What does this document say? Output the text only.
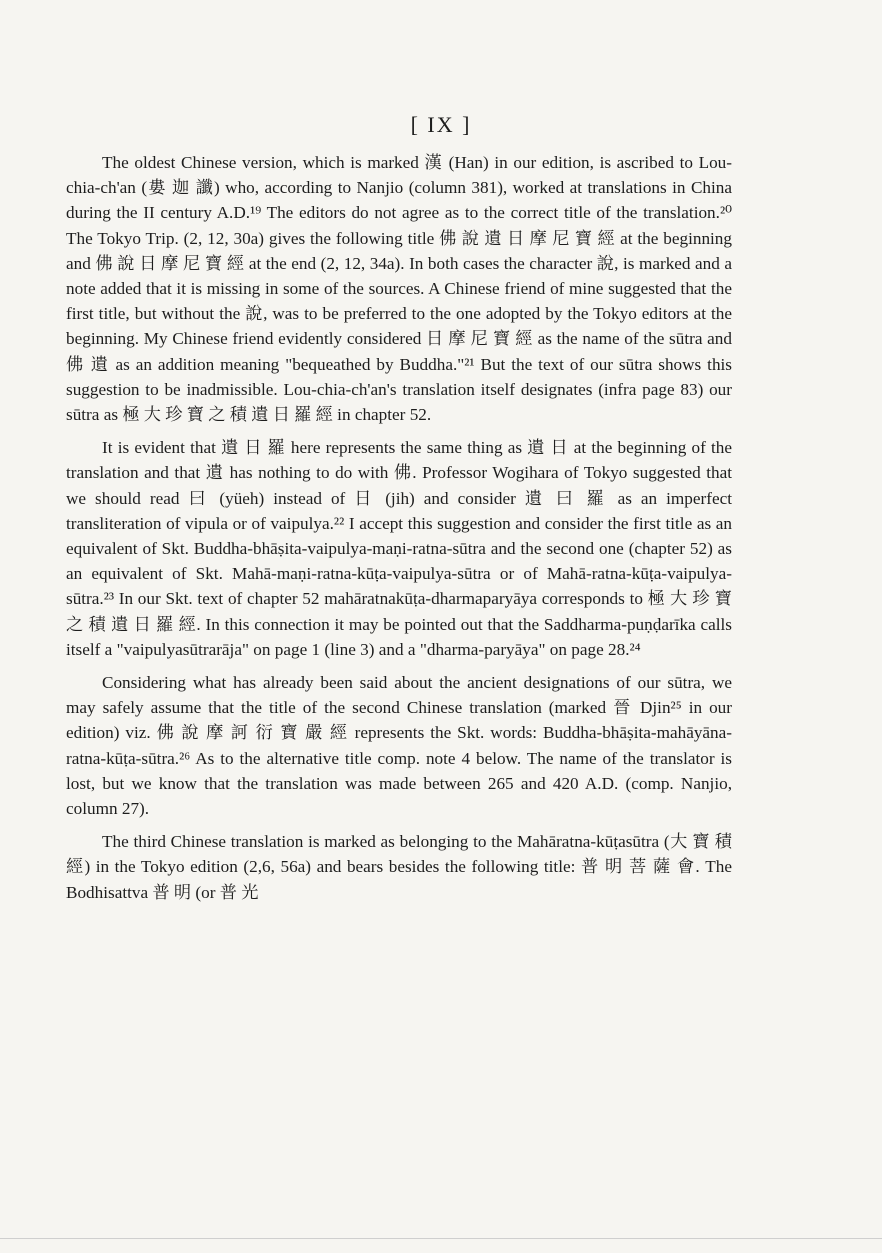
[ IX ]

The oldest Chinese version, which is marked 漢 (Han) in our edition, is ascribed to Lou-chia-ch'an (婁 迦 讖) who, according to Nanjio (column 381), worked at translations in China during the II century A.D.¹⁹ The editors do not agree as to the correct title of the translation.²⁰ The Tokyo Trip. (2, 12, 30a) gives the following title 佛 說 遺 日 摩 尼 寶 經 at the beginning and 佛 說 日 摩 尼 寶 經 at the end (2, 12, 34a). In both cases the character 說, is marked and a note added that it is missing in some of the sources. A Chinese friend of mine suggested that the first title, but without the 說, was to be preferred to the one adopted by the Tokyo editors at the beginning. My Chinese friend evidently considered 日 摩 尼 寶 經 as the name of the sūtra and 佛 遺 as an addition meaning "bequeathed by Buddha."²¹ But the text of our sūtra shows this suggestion to be inadmissible. Lou-chia-ch'an's translation itself designates (infra page 83) our sūtra as 極 大 珍 寶 之 積 遺 日 羅 經 in chapter 52.

It is evident that 遺 日 羅 here represents the same thing as 遺 日 at the beginning of the translation and that 遺 has nothing to do with 佛. Professor Wogihara of Tokyo suggested that we should read 曰 (yüeh) instead of 日 (jih) and consider 遺 曰 羅 as an imperfect transliteration of vipula or of vaipulya.²² I accept this suggestion and consider the first title as an equivalent of Skt. Buddha-bhāṣita-vaipulya-maṇi-ratna-sūtra and the second one (chapter 52) as an equivalent of Skt. Mahā-maṇi-ratna-kūṭa-vaipulya-sūtra or of Mahā-ratna-kūṭa-vaipulya-sūtra.²³ In our Skt. text of chapter 52 mahāratnakūṭa-dharmaparyāya corresponds to 極 大 珍 寶 之 積 遺 日 羅 經. In this connection it may be pointed out that the Saddharma-puṇḍarīka calls itself a "vaipulyasūtrarāja" on page 1 (line 3) and a "dharma-paryāya" on page 28.²⁴

Considering what has already been said about the ancient designations of our sūtra, we may safely assume that the title of the second Chinese translation (marked 晉 Djin²⁵ in our edition) viz. 佛 說 摩 訶 衍 寶 嚴 經 represents the Skt. words: Buddha-bhāṣita-mahāyāna-ratna-kūṭa-sūtra.²⁶ As to the alternative title comp. note 4 below. The name of the translator is lost, but we know that the translation was made between 265 and 420 A.D. (comp. Nanjio, column 27).

The third Chinese translation is marked as belonging to the Mahāratna-kūṭasūtra (大 寶 積 經) in the Tokyo edition (2,6, 56a) and bears besides the following title: 普 明 菩 薩 會. The Bodhisattva 普 明 (or 普 光
